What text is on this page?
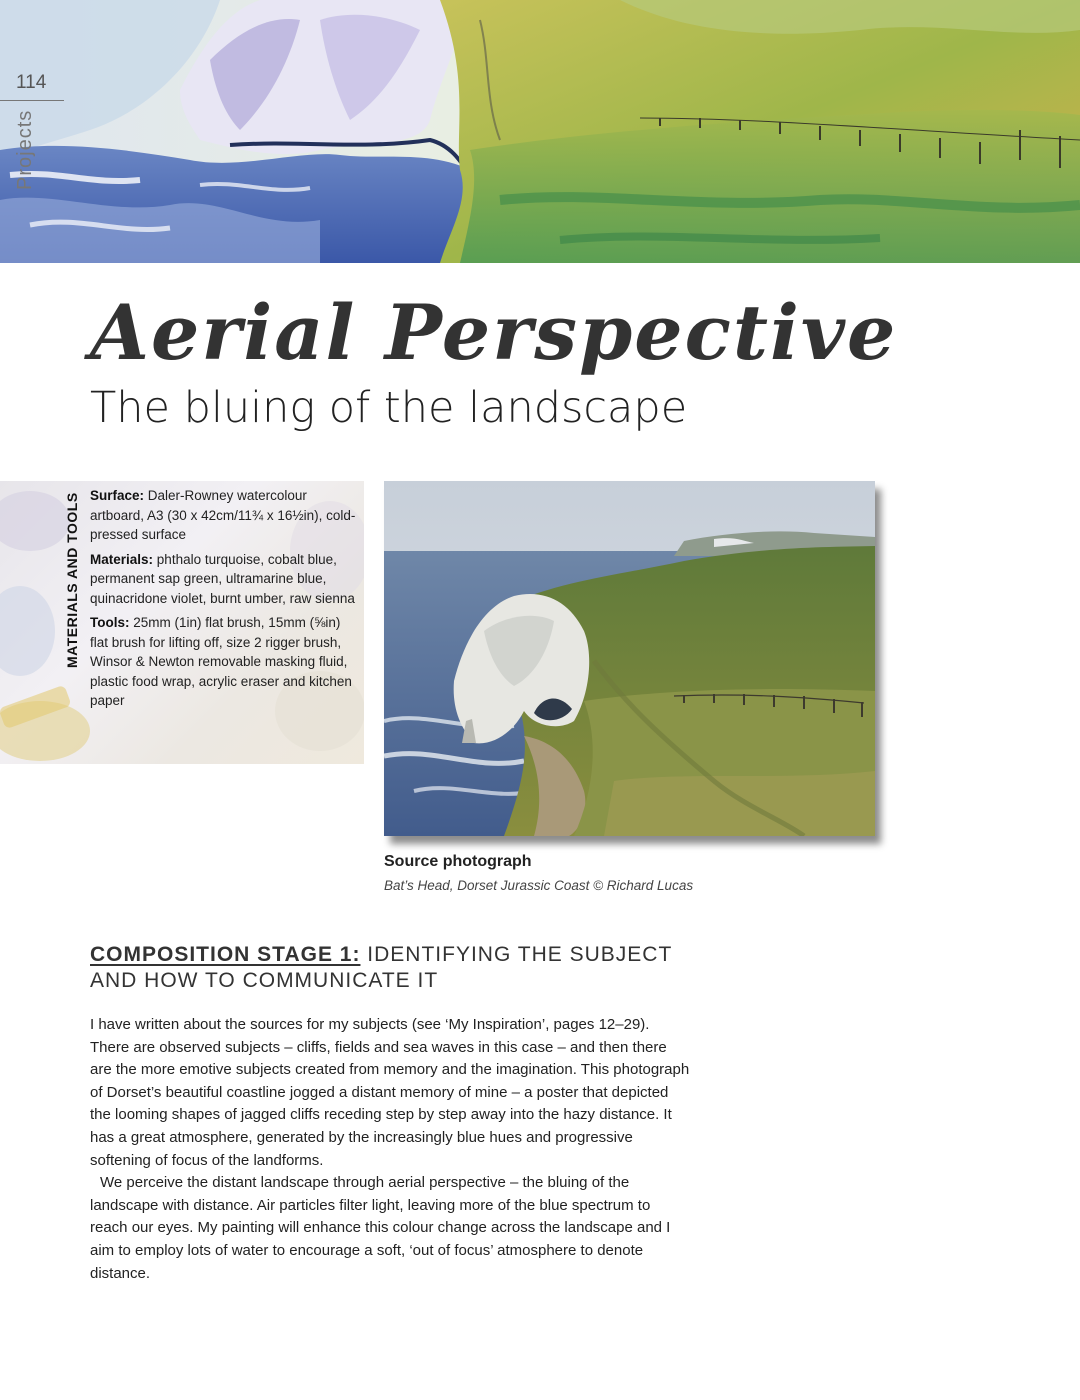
114
Projects
Aerial Perspective
The bluing of the landscape
MATERIALS AND TOOLS Surface: Daler-Rowney watercolour artboard, A3 (30 x 42cm/11¾ x 16½in), cold-pressed surface

Materials: phthalo turquoise, cobalt blue, permanent sap green, ultramarine blue, quinacridone violet, burnt umber, raw sienna

Tools: 25mm (1in) flat brush, 15mm (⅝in) flat brush for lifting off, size 2 rigger brush, Winsor & Newton removable masking fluid, plastic food wrap, acrylic eraser and kitchen paper

Source photograph
Bat’s Head, Dorset Jurassic Coast © Richard Lucas
COMPOSITION STAGE 1: IDENTIFYING THE SUBJECT AND HOW TO COMMUNICATE IT

I have written about the sources for my subjects (see ‘My Inspiration’, pages 12–29). There are observed subjects – cliffs, fields and sea waves in this case – and then there are the more emotive subjects created from memory and the imagination. This photograph of Dorset’s beautiful coastline jogged a distant memory of mine – a poster that depicted the looming shapes of jagged cliffs receding step by step away into the hazy distance. It has a great atmosphere, generated by the increasingly blue hues and progressive softening of focus of the landforms.

We perceive the distant landscape through aerial perspective – the bluing of the landscape with distance. Air particles filter light, leaving more of the blue spectrum to reach our eyes. My painting will enhance this colour change across the landscape and I aim to employ lots of water to encourage a soft, ‘out of focus’ atmosphere to denote distance.
